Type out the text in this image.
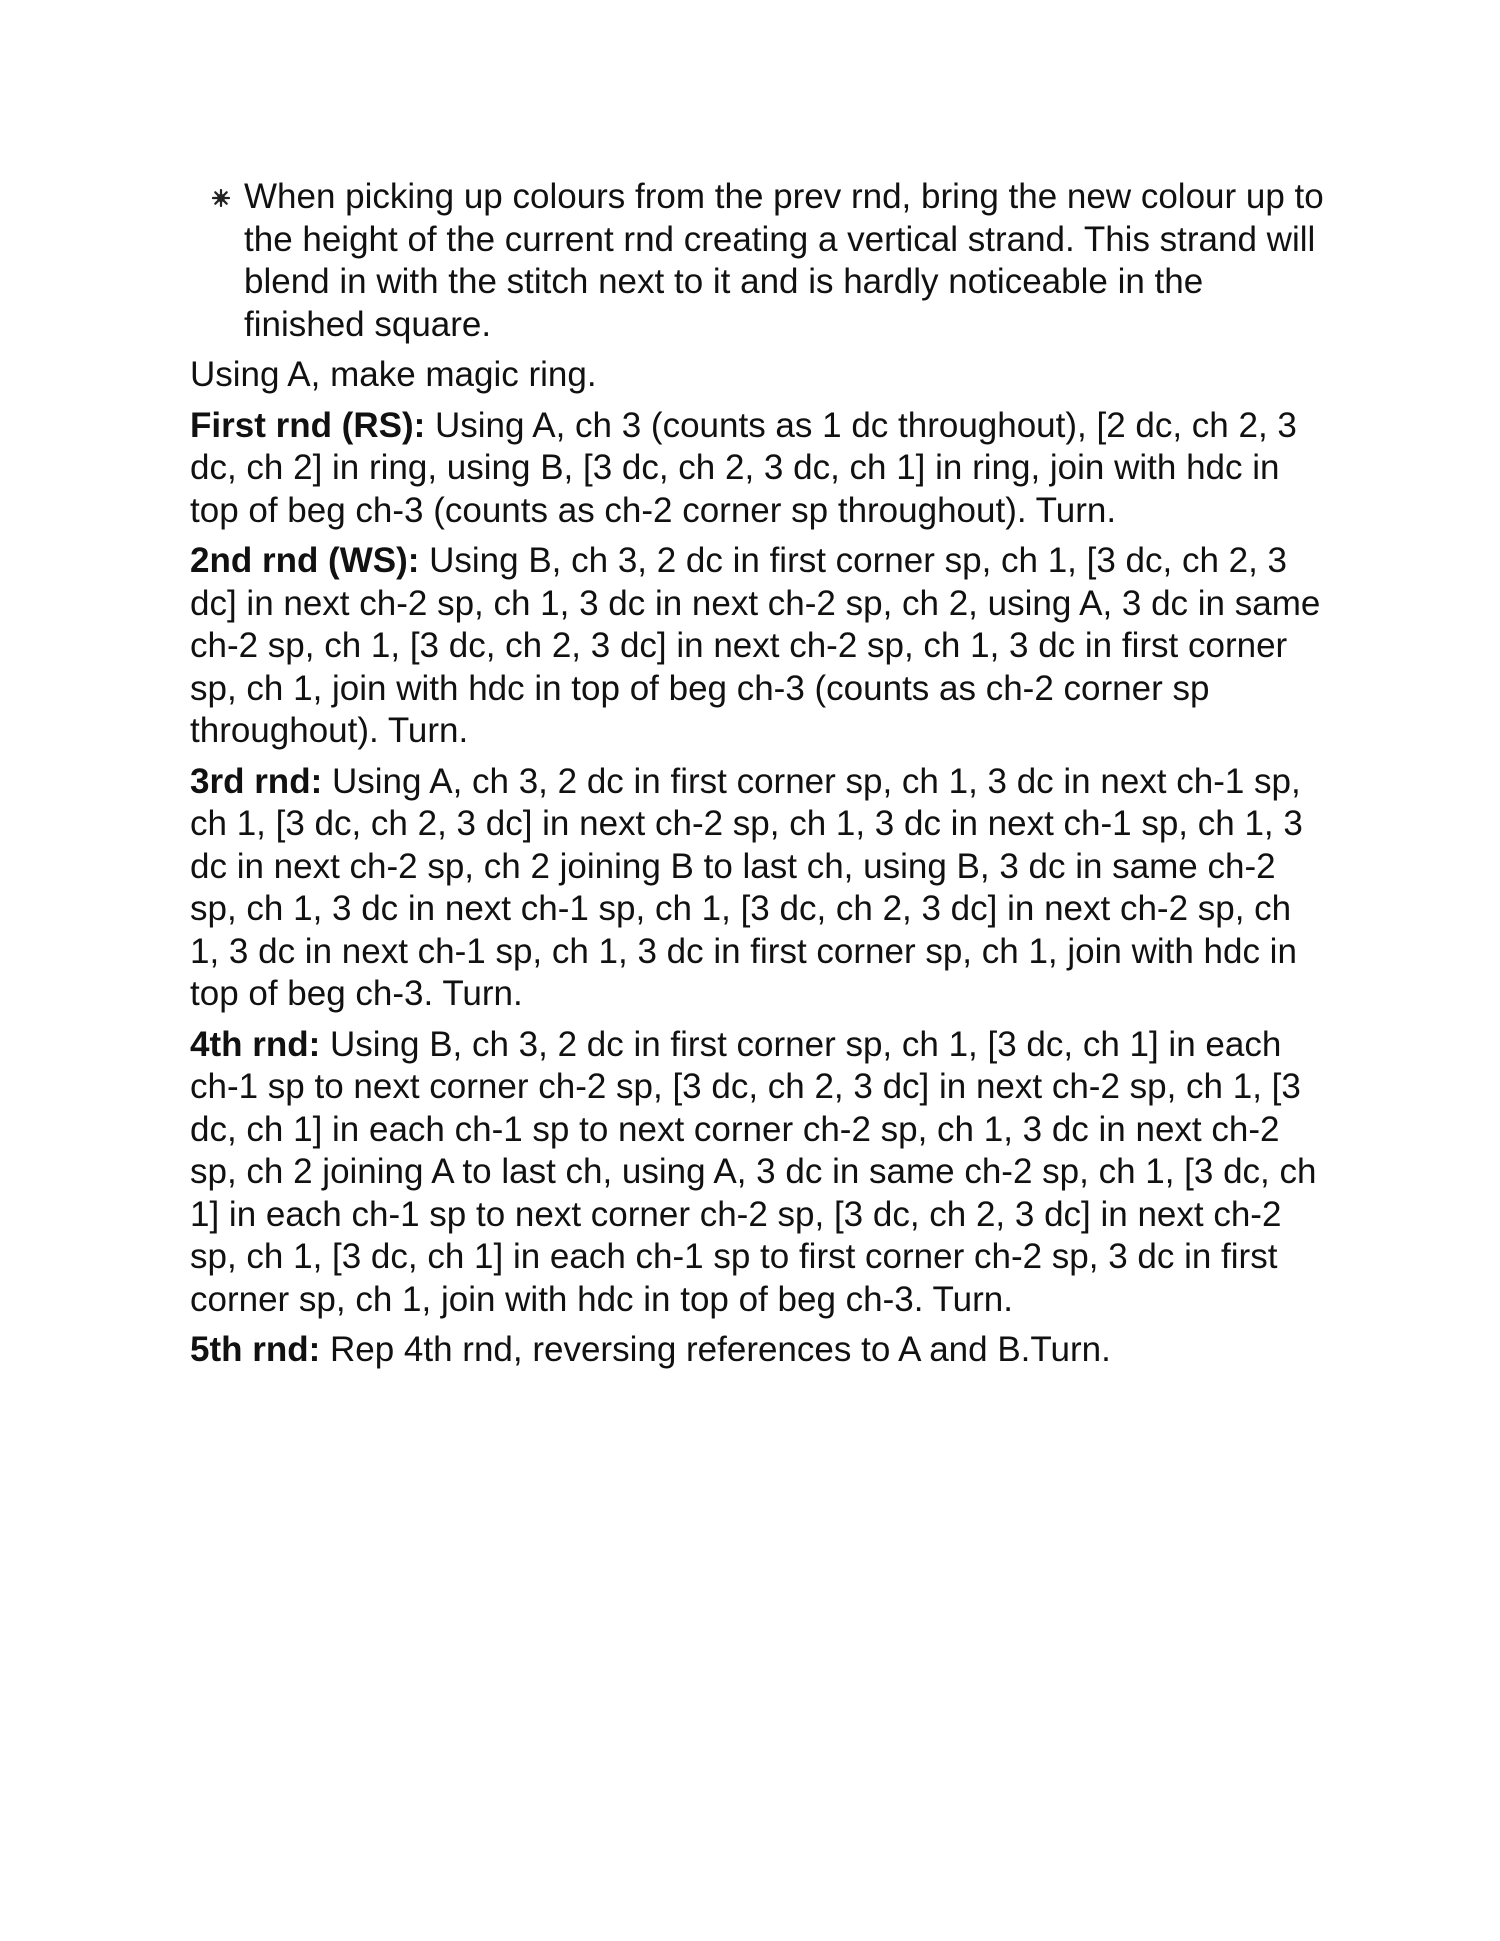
When picking up colours from the prev rnd, bring the new colour up to the height of the current rnd creating a vertical strand. This strand will blend in with the stitch next to it and is hardly noticeable in the finished square.

Using A, make magic ring.

First rnd (RS): Using A, ch 3 (counts as 1 dc throughout), [2 dc, ch 2, 3 dc, ch 2] in ring, using B, [3 dc, ch 2, 3 dc, ch 1] in ring, join with hdc in top of beg ch-3 (counts as ch-2 corner sp throughout). Turn.

2nd rnd (WS): Using B, ch 3, 2 dc in first corner sp, ch 1, [3 dc, ch 2, 3 dc] in next ch-2 sp, ch 1, 3 dc in next ch-2 sp, ch 2, using A, 3 dc in same ch-2 sp, ch 1, [3 dc, ch 2, 3 dc] in next ch-2 sp, ch 1, 3 dc in first corner sp, ch 1, join with hdc in top of beg ch-3 (counts as ch-2 corner sp throughout). Turn.

3rd rnd: Using A, ch 3, 2 dc in first corner sp, ch 1, 3 dc in next ch-1 sp, ch 1, [3 dc, ch 2, 3 dc] in next ch-2 sp, ch 1, 3 dc in next ch-1 sp, ch 1, 3 dc in next ch-2 sp, ch 2 joining B to last ch, using B, 3 dc in same ch-2 sp, ch 1, 3 dc in next ch-1 sp, ch 1, [3 dc, ch 2, 3 dc] in next ch-2 sp, ch 1, 3 dc in next ch-1 sp, ch 1, 3 dc in first corner sp, ch 1, join with hdc in top of beg ch-3. Turn.

4th rnd: Using B, ch 3, 2 dc in first corner sp, ch 1, [3 dc, ch 1] in each ch-1 sp to next corner ch-2 sp, [3 dc, ch 2, 3 dc] in next ch-2 sp, ch 1, [3 dc, ch 1] in each ch-1 sp to next corner ch-2 sp, ch 1, 3 dc in next ch-2 sp, ch 2 joining A to last ch, using A, 3 dc in same ch-2 sp, ch 1, [3 dc, ch 1] in each ch-1 sp to next corner ch-2 sp, [3 dc, ch 2, 3 dc] in next ch-2 sp, ch 1, [3 dc, ch 1] in each ch-1 sp to first corner ch-2 sp, 3 dc in first corner sp, ch 1, join with hdc in top of beg ch-3. Turn.

5th rnd: Rep 4th rnd, reversing references to A and B.Turn.
